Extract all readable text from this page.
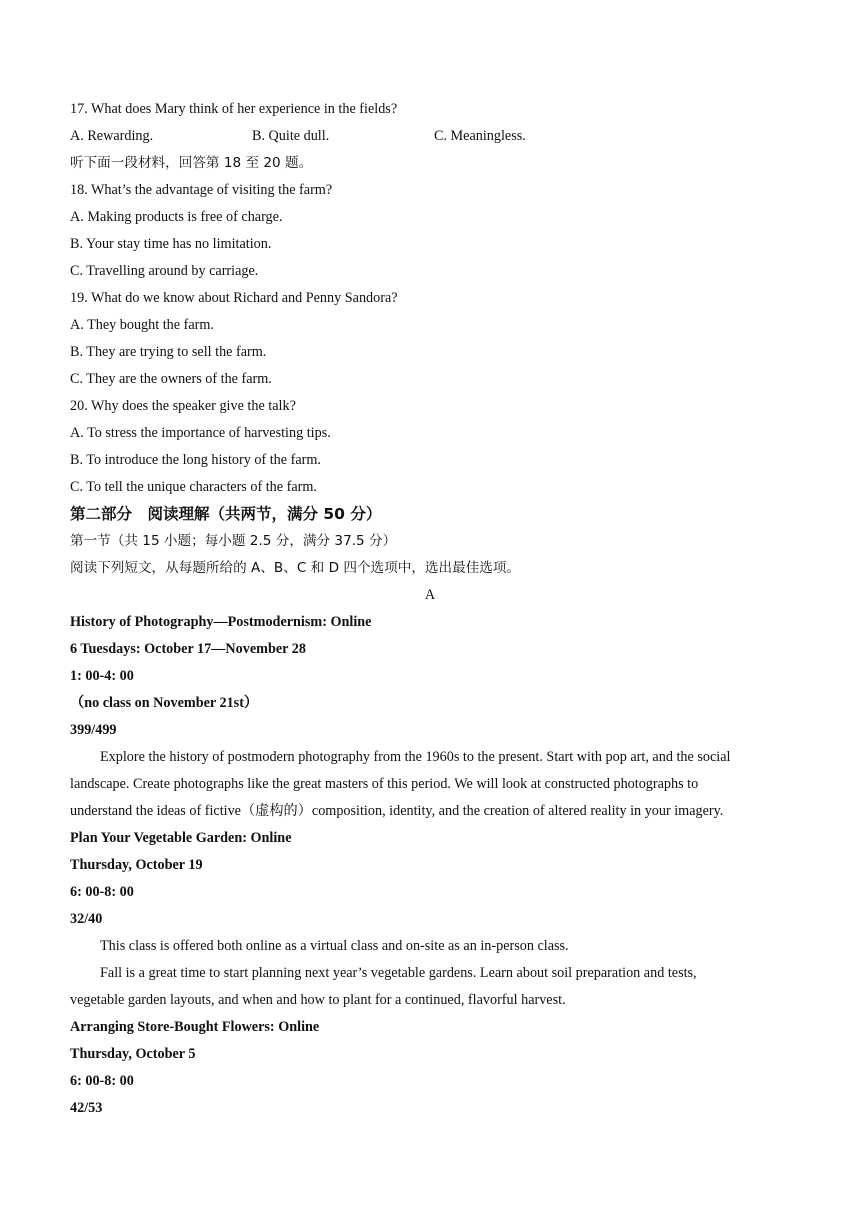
17. What does Mary think of her experience in the fields?
A. Rewarding.	B. Quite dull.	C. Meaningless.
听下面一段材料，回答第 18 至 20 题。
18. What’s the advantage of visiting the farm?
A. Making products is free of charge.
B. Your stay time has no limitation.
C. Travelling around by carriage.
19. What do we know about Richard and Penny Sandora?
A. They bought the farm.
B. They are trying to sell the farm.
C. They are the owners of the farm.
20. Why does the speaker give the talk?
A. To stress the importance of harvesting tips.
B. To introduce the long history of the farm.
C. To tell the unique characters of the farm.
第二部分　阅读理解（共两节，满分 50 分）
第一节（共 15 小题；每小题 2.5 分，满分 37.5 分）
阅读下列短文，从每题所给的 A、B、C 和 D 四个选项中，选出最佳选项。
A
History of Photography—Postmodernism: Online
6 Tuesdays: October 17—November 28
1: 00-4: 00
（no class on November 21st）
399/499
Explore the history of postmodern photography from the 1960s to the present. Start with pop art, and the social
landscape. Create photographs like the great masters of this period. We will look at constructed photographs to
understand the ideas of fictive（虚构的）composition, identity, and the creation of altered reality in your imagery.
Plan Your Vegetable Garden: Online
Thursday, October 19
6: 00-8: 00
32/40
This class is offered both online as a virtual class and on-site as an in-person class.
Fall is a great time to start planning next year’s vegetable gardens. Learn about soil preparation and tests,
vegetable garden layouts, and when and how to plant for a continued, flavorful harvest.
Arranging Store-Bought Flowers: Online
Thursday, October 5
6: 00-8: 00
42/53
